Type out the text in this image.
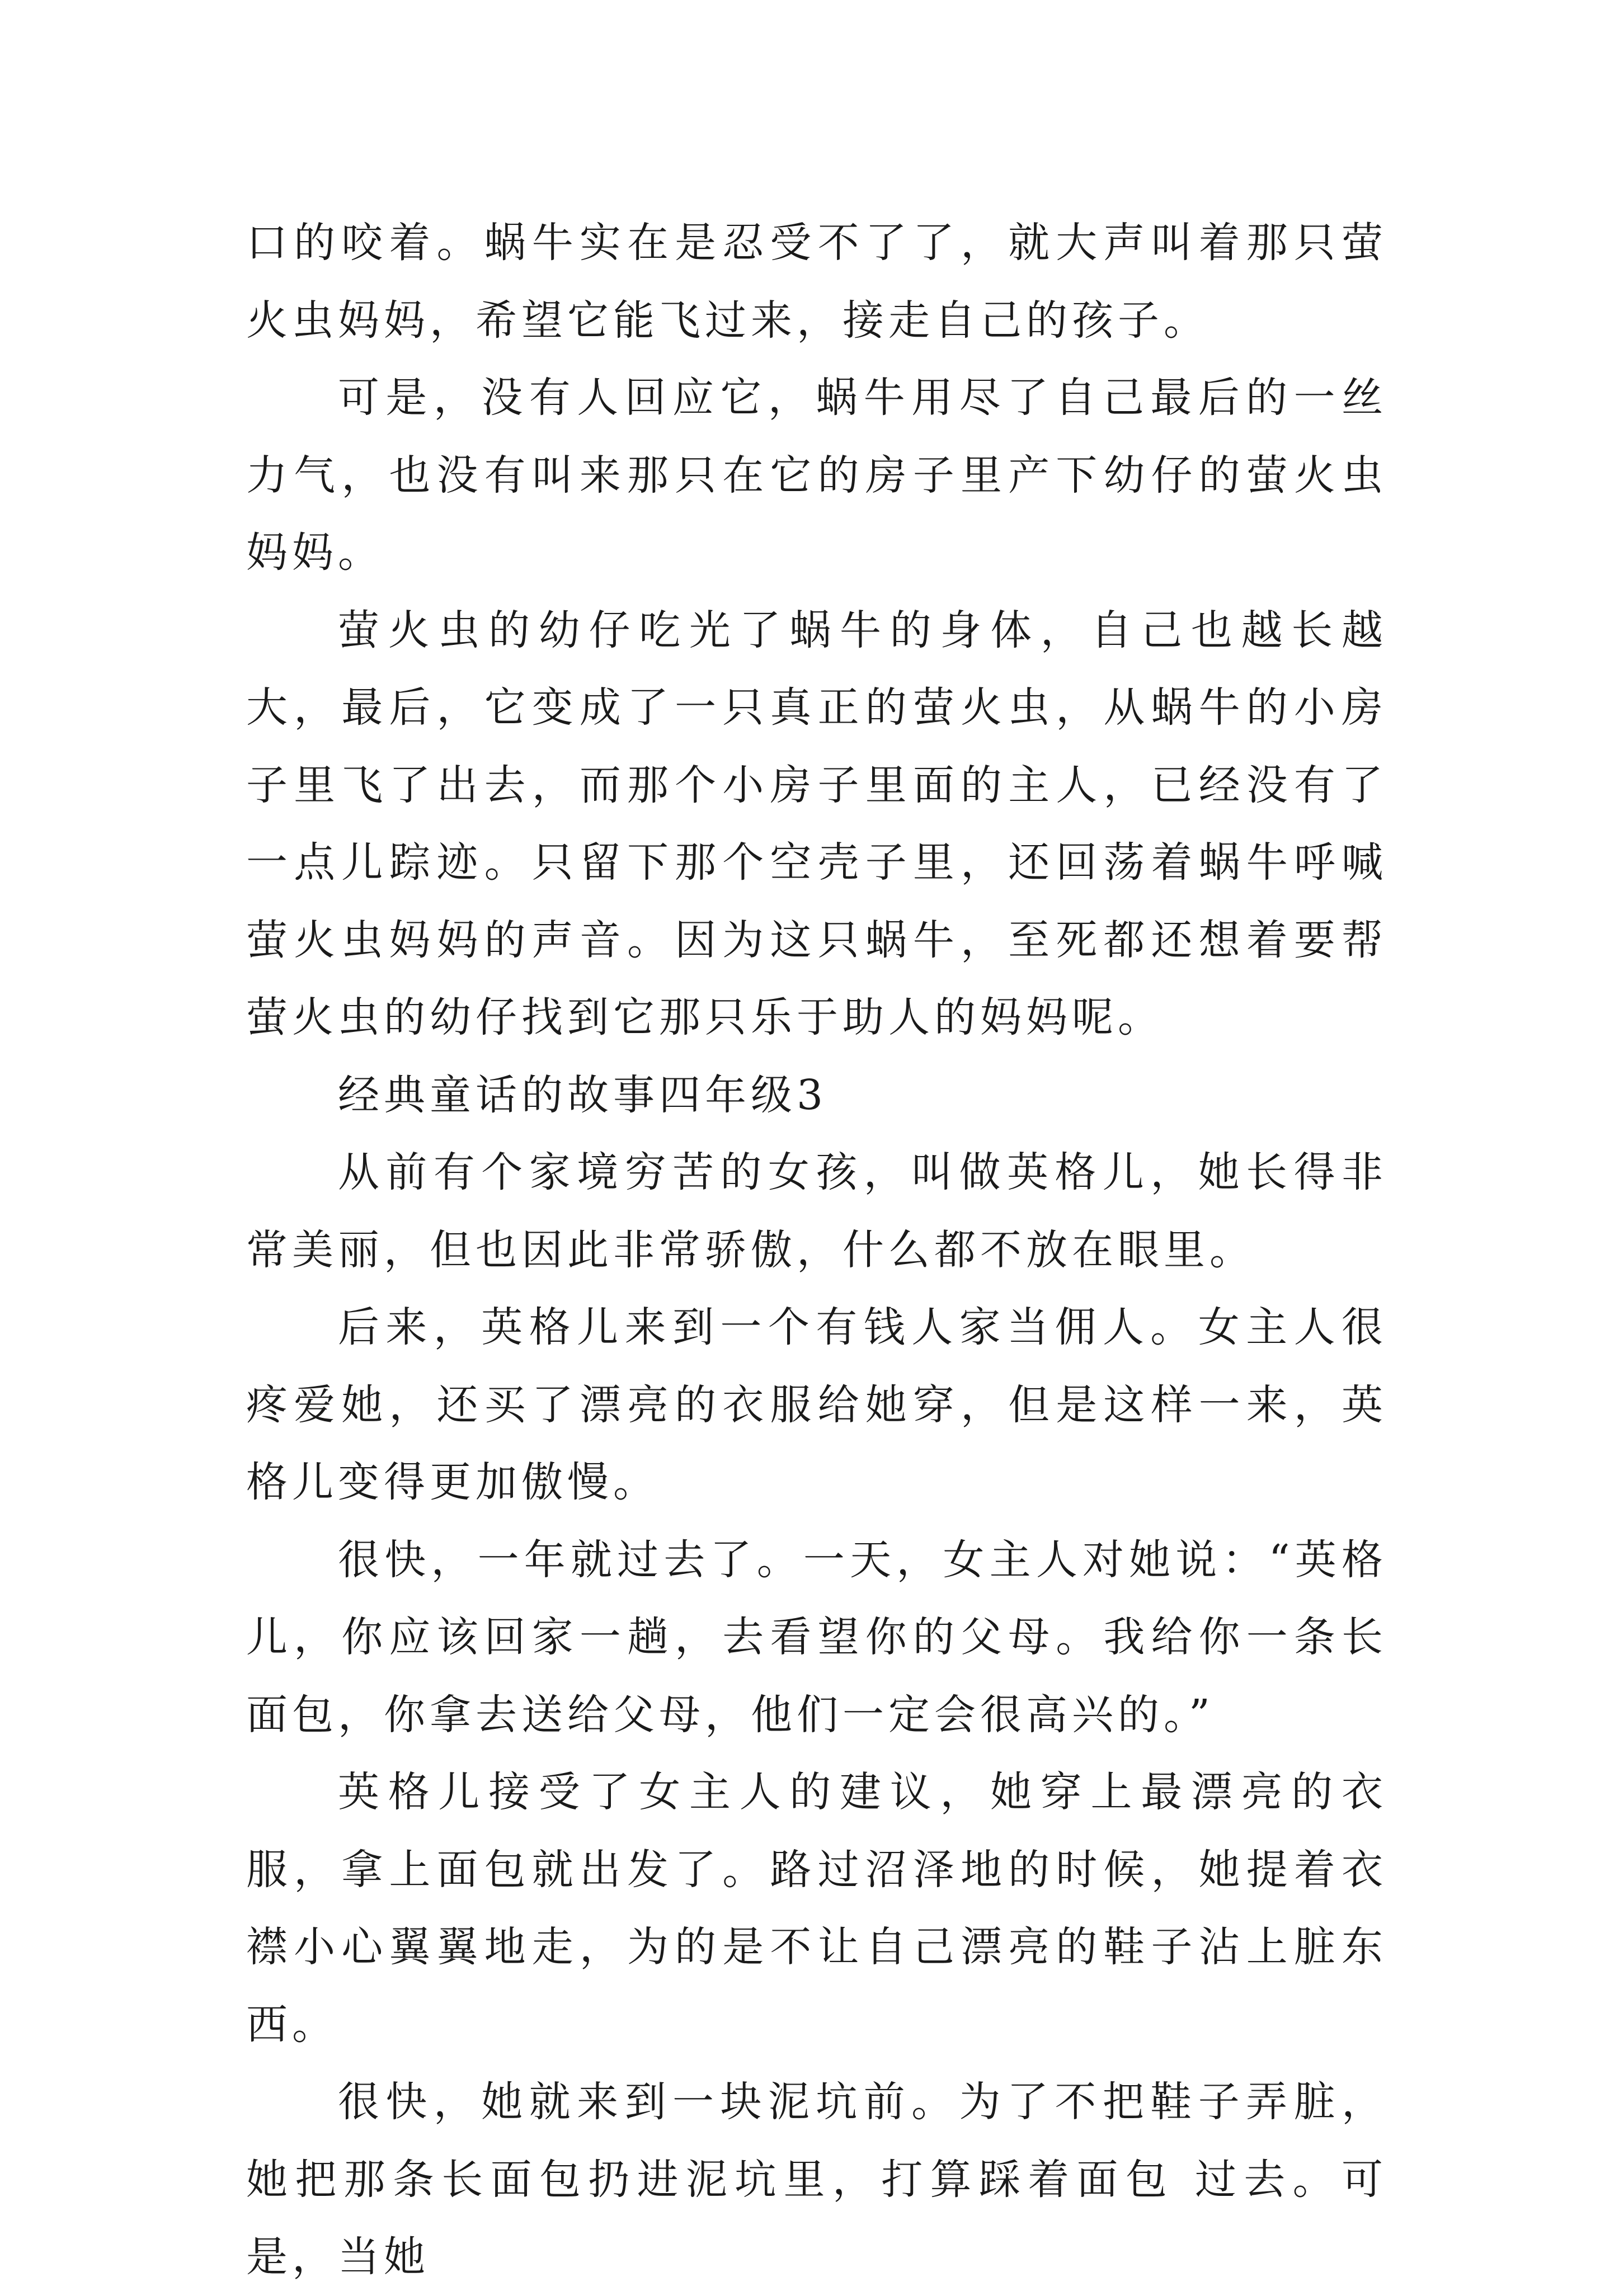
口的咬着。蜗牛实在是忍受不了了，就大声叫着那只萤火虫妈妈，希望它能飞过来，接走自己的孩子。

可是，没有人回应它，蜗牛用尽了自己最后的一丝力气，也没有叫来那只在它的房子里产下幼仔的萤火虫妈妈。

萤火虫的幼仔吃光了蜗牛的身体，自己也越长越大，最后，它变成了一只真正的萤火虫，从蜗牛的小房子里飞了出去，而那个小房子里面的主人，已经没有了一点儿踪迹。只留下那个空壳子里，还回荡着蜗牛呼喊萤火虫妈妈的声音。因为这只蜗牛，至死都还想着要帮萤火虫的幼仔找到它那只乐于助人的妈妈呢。

经典童话的故事四年级3

从前有个家境穷苦的女孩，叫做英格儿，她长得非常美丽，但也因此非常骄傲，什么都不放在眼里。

后来，英格儿来到一个有钱人家当佣人。女主人很疼爱她，还买了漂亮的衣服给她穿，但是这样一来，英格儿变得更加傲慢。

很快，一年就过去了。一天，女主人对她说：“英格儿，你应该回家一趟，去看望你的父母。我给你一条长面包，你拿去送给父母，他们一定会很高兴的。”

英格儿接受了女主人的建议，她穿上最漂亮的衣服，拿上面包就出发了。路过沼泽地的时候，她提着衣襟小心翼翼地走，为的是不让自己漂亮的鞋子沾上脏东西。

很快，她就来到一块泥坑前。为了不把鞋子弄脏，她把那条长面包扔进泥坑里，打算踩着面包 过去。可是，当她
